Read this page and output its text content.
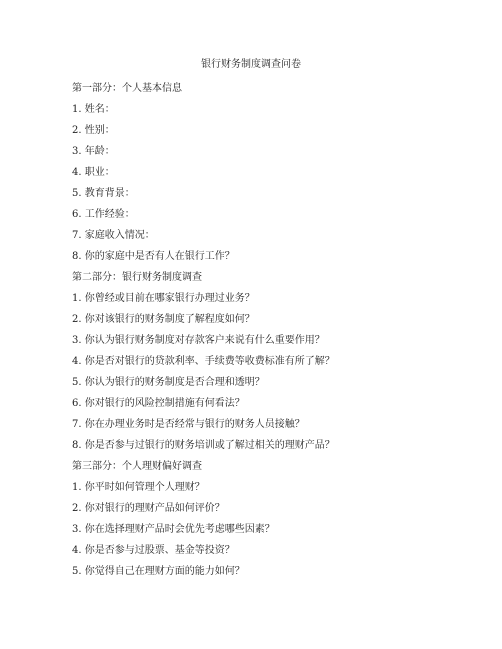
银行财务制度调查问卷
第一部分：个人基本信息
1. 姓名：
2. 性别：
3. 年龄：
4. 职业：
5. 教育背景：
6. 工作经验：
7. 家庭收入情况：
8. 你的家庭中是否有人在银行工作？
第二部分：银行财务制度调查
1. 你曾经或目前在哪家银行办理过业务？
2. 你对该银行的财务制度了解程度如何？
3. 你认为银行财务制度对存款客户来说有什么重要作用？
4. 你是否对银行的贷款利率、手续费等收费标准有所了解？
5. 你认为银行的财务制度是否合理和透明？
6. 你对银行的风险控制措施有何看法？
7. 你在办理业务时是否经常与银行的财务人员接触？
8. 你是否参与过银行的财务培训或了解过相关的理财产品？
第三部分：个人理财偏好调查
1. 你平时如何管理个人理财？
2. 你对银行的理财产品如何评价？
3. 你在选择理财产品时会优先考虑哪些因素？
4. 你是否参与过股票、基金等投资？
5. 你觉得自己在理财方面的能力如何？
